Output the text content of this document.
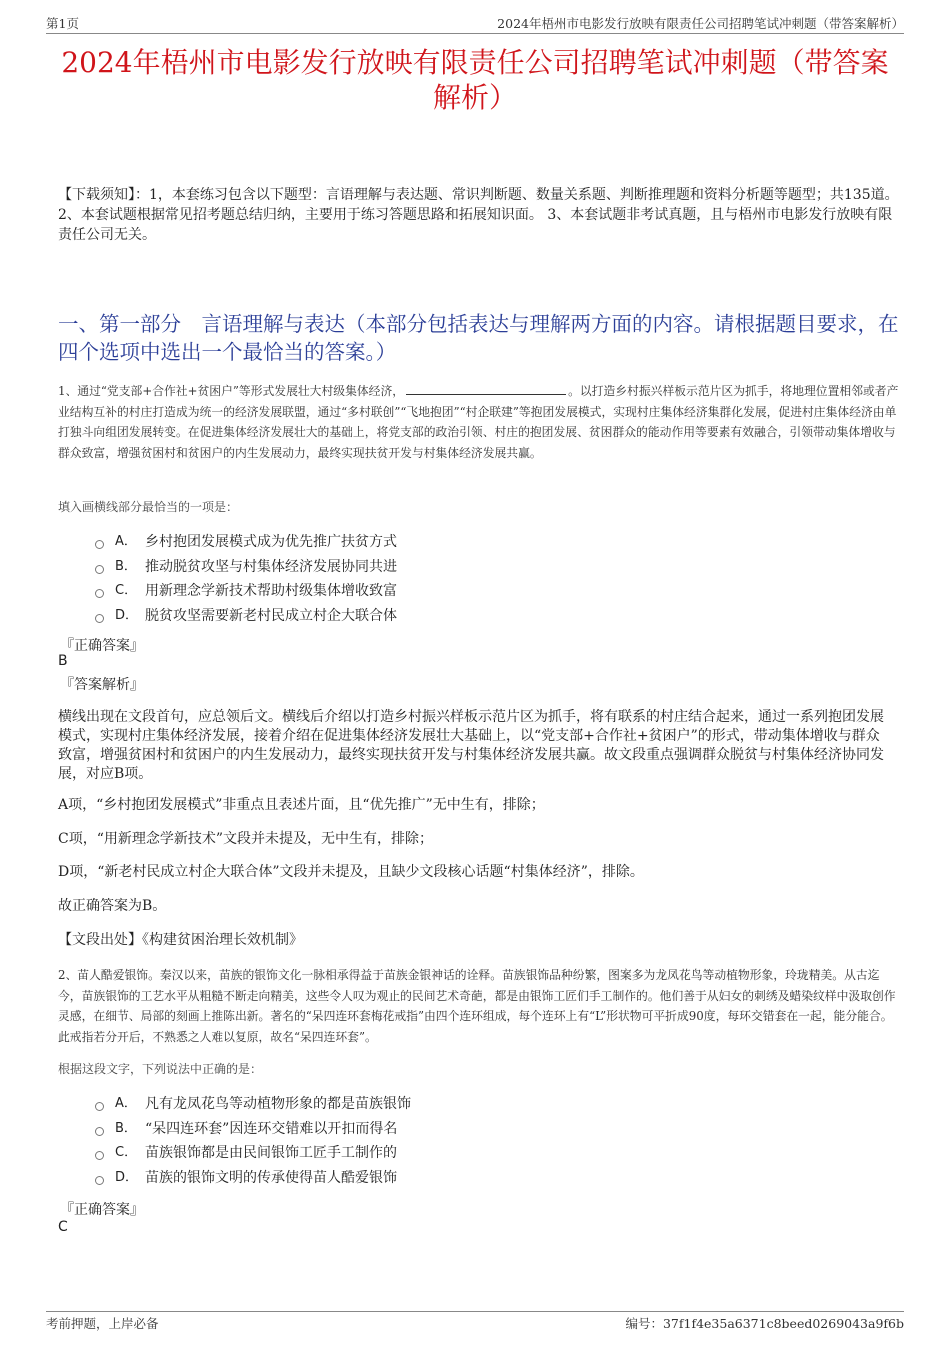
第1页	2024年梧州市电影发行放映有限责任公司招聘笔试冲刺题（带答案解析）
2024年梧州市电影发行放映有限责任公司招聘笔试冲刺题（带答案解析）
【下载须知】：1，本套练习包含以下题型：言语理解与表达题、常识判断题、数量关系题、判断推理题和资料分析题等题型；共135道。 2、本套试题根据常见招考题总结归纳，主要用于练习答题思路和拓展知识面。 3、本套试题非考试真题，且与梧州市电影发行放映有限责任公司无关。
一、第一部分　言语理解与表达（本部分包括表达与理解两方面的内容。请根据题目要求，在四个选项中选出一个最恰当的答案。）
1、通过“党支部+合作社+贫困户”等形式发展壮大村级集体经济，	。以打造乡村振兴样板示范片区为抓手，将地理位置相邻或者产业结构互补的村庄打造成为统一的经济发展联盟，通过“多村联创”“飞地抱团”“村企联建”等抱团发展模式，实现村庄集体经济集群化发展，促进村庄集体经济由单打独斗向组团发展转变。在促进集体经济发展壮大的基础上，将党支部的政治引领、村庄的抱团发展、贫困群众的能动作用等要素有效融合，引领带动集体增收与群众致富，增强贫困村和贫困户的内生发展动力，最终实现扶贫开发与村集体经济发展共赢。
填入画横线部分最恰当的一项是：
A． 乡村抱团发展模式成为优先推广扶贫方式
B． 推动脱贫攻坚与村集体经济发展协同共进
C． 用新理念学新技术帮助村级集体增收致富
D． 脱贫攻坚需要新老村民成立村企大联合体
『正确答案』
B
『答案解析』
横线出现在文段首句，应总领后文。横线后介绍以打造乡村振兴样板示范片区为抓手，将有联系的村庄结合起来，通过一系列抱团发展模式，实现村庄集体经济发展，接着介绍在促进集体经济发展壮大基础上，以“党支部+合作社+贫困户”的形式，带动集体增收与群众致富，增强贫困村和贫困户的内生发展动力，最终实现扶贫开发与村集体经济发展共赢。故文段重点强调群众脱贫与村集体经济协同发展，对应B项。
A项，“乡村抱团发展模式”非重点且表述片面，且“优先推广”无中生有，排除；
C项，“用新理念学新技术”文段并未提及，无中生有，排除；
D项，“新老村民成立村企大联合体”文段并未提及，且缺少文段核心话题“村集体经济”，排除。
故正确答案为B。
【文段出处】《构建贫困治理长效机制》
2、苗人酷爱银饰。秦汉以来，苗族的银饰文化一脉相承得益于苗族金银神话的诠释。苗族银饰品种纷繁，图案多为龙凤花鸟等动植物形象，玲珑精美。从古迄今，苗族银饰的工艺水平从粗糙不断走向精美，这些令人叹为观止的民间艺术奇葩，都是由银饰工匠们手工制作的。他们善于从妇女的刺绣及蜡染纹样中汲取创作灵感，在细节、局部的刻画上推陈出新。著名的“呆四连环套梅花戒指”由四个连环组成，每个连环上有“L”形状物可平折成90度，每环交错套在一起，能分能合。此戒指若分开后，不熟悉之人难以复原，故名“呆四连环套”。
根据这段文字，下列说法中正确的是：
A． 凡有龙凤花鸟等动植物形象的都是苗族银饰
B． “呆四连环套”因连环交错难以开扣而得名
C． 苗族银饰都是由民间银饰工匠手工制作的
D． 苗族的银饰文明的传承使得苗人酷爱银饰
『正确答案』
C
考前押题，上岸必备	编号：37f1f4e35a6371c8beed0269043a9f6b
